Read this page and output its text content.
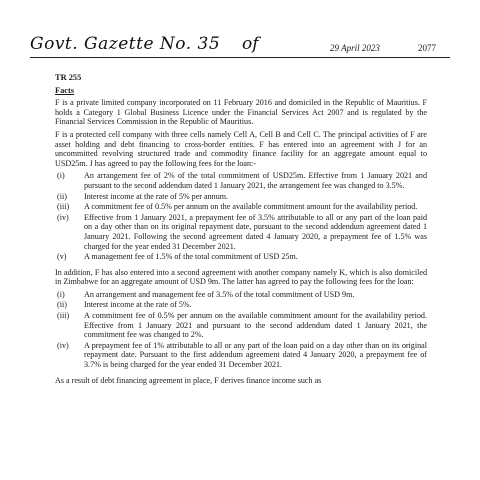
Govt. Gazette No. 35 of	29 April 2023	2077
TR 255
Facts

F is a private limited company incorporated on 11 February 2016 and domiciled in the Republic of Mauritius. F holds a Category 1 Global Business Licence under the Financial Services Act 2007 and is regulated by the Financial Services Commission in the Republic of Mauritius.

F is a protected cell company with three cells namely Cell A, Cell B and Cell C. The principal activities of F are asset holding and debt financing to cross-border entities. F has entered into an agreement with J for an uncommitted revolving structured trade and commodity finance facility for an aggregate amount equal to USD25m. J has agreed to pay the following fees for the loan:-

(i)	An arrangement fee of 2% of the total commitment of USD25m. Effective from 1 January 2021 and pursuant to the second addendum dated 1 January 2021, the arrangement fee was changed to 3.5%.
(ii)	Interest income at the rate of 5% per annum.
(iii)	A commitment fee of 0.5% per annum on the available commitment amount for the availability period.
(iv)	Effective from 1 January 2021, a prepayment fee of 3.5% attributable to all or any part of the loan paid on a day other than on its original repayment date, pursuant to the second addendum agreement dated 1 January 2021. Following the second agreement dated 4 January 2020, a prepayment fee of 1.5% was charged for the year ended 31 December 2021.
(v)	A management fee of 1.5% of the total commitment of USD 25m.

In addition, F has also entered into a second agreement with another company namely K, which is also domiciled in Zimbabwe for an aggregate amount of USD 9m. The latter has agreed to pay the following fees for the loan:

(i)	An arrangement and management fee of 3.5% of the total commitment of USD 9m.
(ii)	Interest income at the rate of 5%.
(iii)	A commitment fee of 0.5% per annum on the available commitment amount for the availability period. Effective from 1 January 2021 and pursuant to the second addendum dated 1 January 2021, the commitment fee was changed to 2%.
(iv)	A prepayment fee of 1% attributable to all or any part of the loan paid on a day other than on its original repayment date. Pursuant to the first addendum agreement dated 4 January 2020, a prepayment fee of 3.7% is being charged for the year ended 31 December 2021.

As a result of debt financing agreement in place, F derives finance income such as
